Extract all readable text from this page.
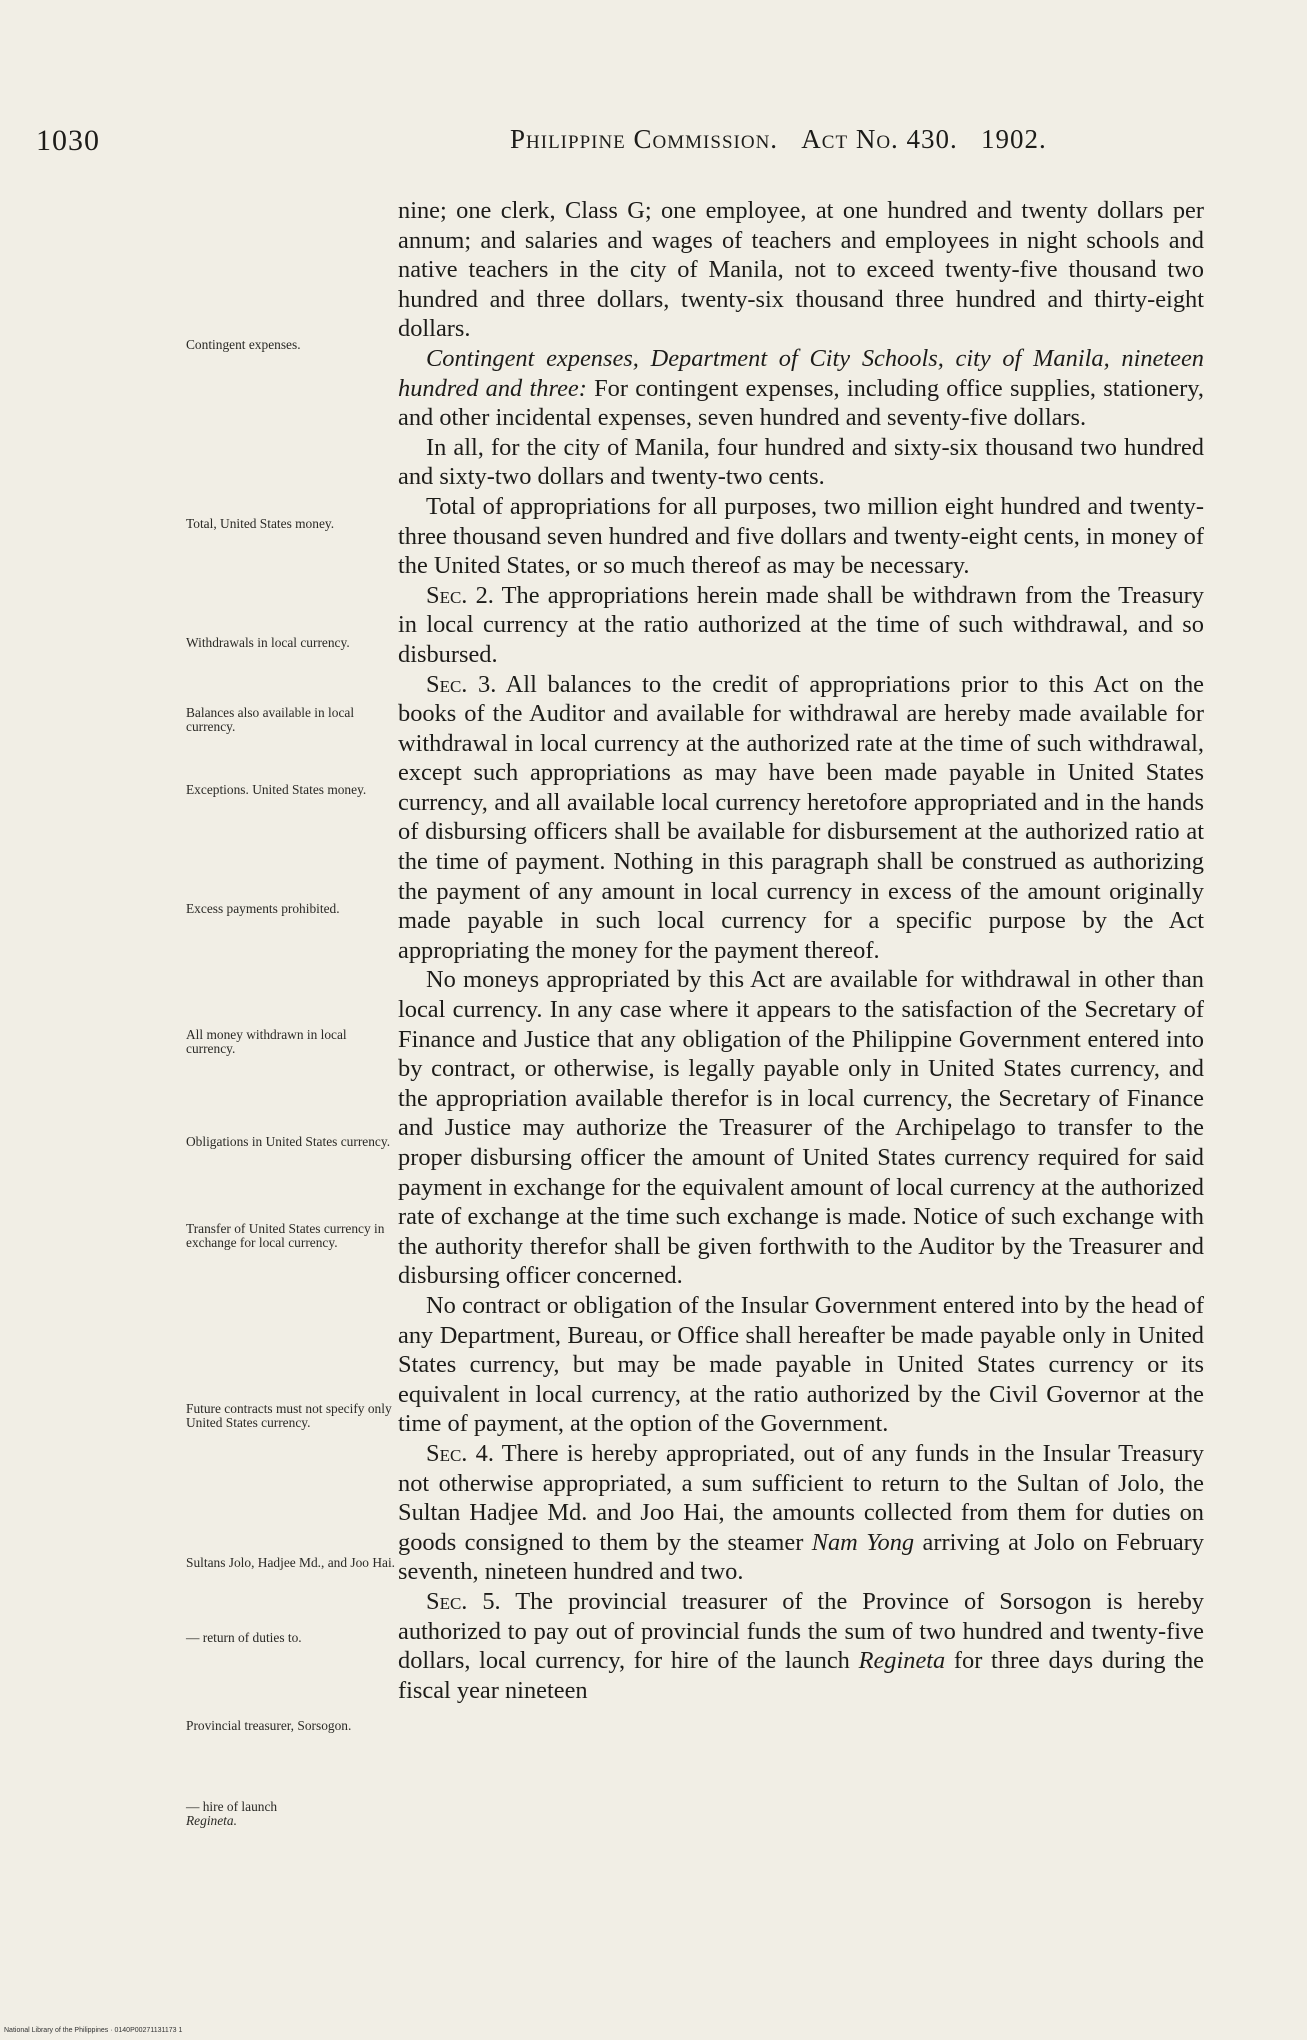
1030	Philippine Commission. Act No. 430. 1902.

nine; one clerk, Class G; one employee, at one hundred and twenty dollars per annum; and salaries and wages of teachers and employees in night schools and native teachers in the city of Manila, not to exceed twenty-five thousand two hundred and three dollars, twenty-six thousand three hundred and thirty-eight dollars.

Contingent expenses, Department of City Schools, city of Manila, nineteen hundred and three: For contingent expenses, including office supplies, stationery, and other incidental expenses, seven hundred and seventy-five dollars.

In all, for the city of Manila, four hundred and sixty-six thousand two hundred and sixty-two dollars and twenty-two cents.

Total of appropriations for all purposes, two million eight hundred and twenty-three thousand seven hundred and five dollars and twenty-eight cents, in money of the United States, or so much thereof as may be necessary.

Sec. 2. The appropriations herein made shall be withdrawn from the Treasury in local currency at the ratio authorized at the time of such withdrawal, and so disbursed.

Sec. 3. All balances to the credit of appropriations prior to this Act on the books of the Auditor and available for withdrawal are hereby made available for withdrawal in local currency at the authorized rate at the time of such withdrawal, except such appropriations as may have been made payable in United States currency, and all available local currency heretofore appropriated and in the hands of disbursing officers shall be available for disbursement at the authorized ratio at the time of payment. Nothing in this paragraph shall be construed as authorizing the payment of any amount in local currency in excess of the amount originally made payable in such local currency for a specific purpose by the Act appropriating the money for the payment thereof.

No moneys appropriated by this Act are available for withdrawal in other than local currency. In any case where it appears to the satisfaction of the Secretary of Finance and Justice that any obligation of the Philippine Government entered into by contract, or otherwise, is legally payable only in United States currency, and the appropriation available therefor is in local currency, the Secretary of Finance and Justice may authorize the Treasurer of the Archipelago to transfer to the proper disbursing officer the amount of United States currency required for said payment in exchange for the equivalent amount of local currency at the authorized rate of exchange at the time such exchange is made. Notice of such exchange with the authority therefor shall be given forthwith to the Auditor by the Treasurer and disbursing officer concerned.

No contract or obligation of the Insular Government entered into by the head of any Department, Bureau, or Office shall hereafter be made payable only in United States currency, but may be made payable in United States currency or its equivalent in local currency, at the ratio authorized by the Civil Governor at the time of payment, at the option of the Government.

Sec. 4. There is hereby appropriated, out of any funds in the Insular Treasury not otherwise appropriated, a sum sufficient to return to the Sultan of Jolo, the Sultan Hadjee Md. and Joo Hai, the amounts collected from them for duties on goods consigned to them by the steamer Nam Yong arriving at Jolo on February seventh, nineteen hundred and two.

Sec. 5. The provincial treasurer of the Province of Sorsogon is hereby authorized to pay out of provincial funds the sum of two hundred and twenty-five dollars, local currency, for hire of the launch Regineta for three days during the fiscal year nineteen

Contingent expenses.
Total, United States money.
Withdrawals in local currency.
Balances also available in local currency.
Exceptions. United States money.
Excess payments prohibited.
All money withdrawn in local currency.
Obligations in United States currency.
Transfer of United States currency in exchange for local currency.
Future contracts must not specify only United States currency.
Sultans Jolo, Hadjee Md., and Joo Hai.
— return of duties to.
Provincial treasurer, Sorsogon.
— hire of launch
Regineta.
National Library of the Philippines · 0140P00271131173 1
